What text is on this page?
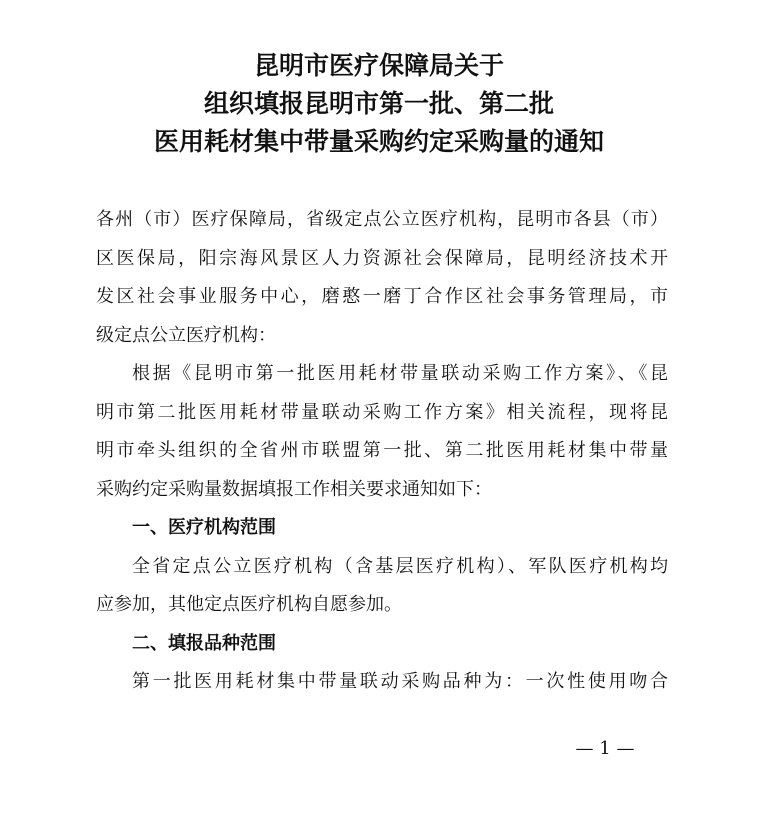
昆明市医疗保障局关于
组织填报昆明市第一批、第二批
医用耗材集中带量采购约定采购量的通知
各州（市）医疗保障局，省级定点公立医疗机构，昆明市各县（市）
区医保局，阳宗海风景区人力资源社会保障局，昆明经济技术开
发区社会事业服务中心，磨憨一磨丁合作区社会事务管理局，市
级定点公立医疗机构：
根据《昆明市第一批医用耗材带量联动采购工作方案》、《昆
明市第二批医用耗材带量联动采购工作方案》相关流程，现将昆
明市牵头组织的全省州市联盟第一批、第二批医用耗材集中带量
采购约定采购量数据填报工作相关要求通知如下：
一、医疗机构范围
全省定点公立医疗机构（含基层医疗机构）、军队医疗机构均
应参加，其他定点医疗机构自愿参加。
二、填报品种范围
第一批医用耗材集中带量联动采购品种为：一次性使用吻合
— 1 —
